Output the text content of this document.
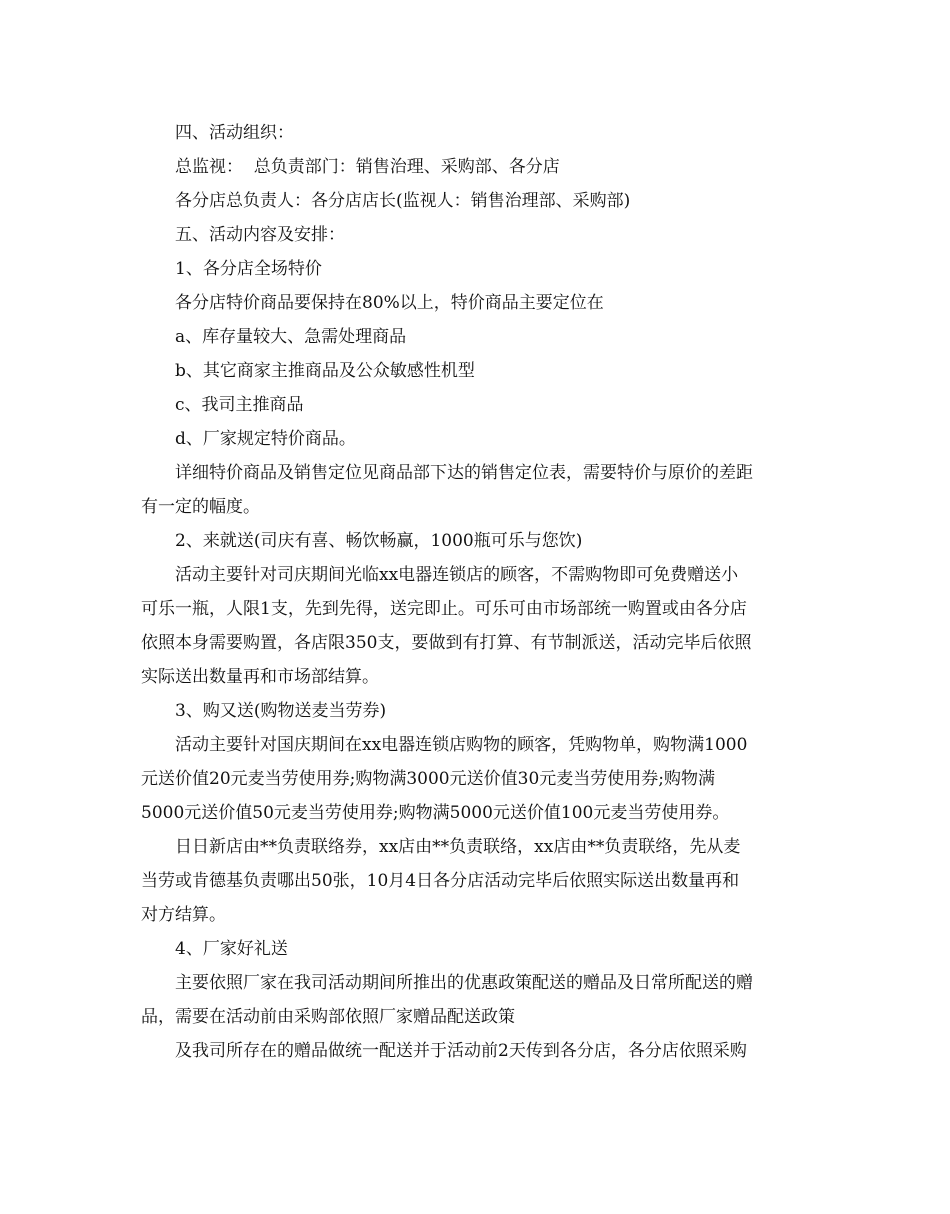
四、活动组织：

总监视：  总负责部门：销售治理、采购部、各分店

各分店总负责人：各分店店长(监视人：销售治理部、采购部)

五、活动内容及安排：

1、各分店全场特价

各分店特价商品要保持在80%以上，特价商品主要定位在

a、库存量较大、急需处理商品

b、其它商家主推商品及公众敏感性机型

c、我司主推商品

d、厂家规定特价商品。

详细特价商品及销售定位见商品部下达的销售定位表，需要特价与原价的差距

有一定的幅度。

2、来就送(司庆有喜、畅饮畅赢，1000瓶可乐与您饮)

活动主要针对司庆期间光临xx电器连锁店的顾客，不需购物即可免费赠送小

可乐一瓶，人限1支，先到先得，送完即止。可乐可由市场部统一购置或由各分店

依照本身需要购置，各店限350支，要做到有打算、有节制派送，活动完毕后依照

实际送出数量再和市场部结算。

3、购又送(购物送麦当劳券)

活动主要针对国庆期间在xx电器连锁店购物的顾客，凭购物单，购物满1000

元送价值20元麦当劳使用券;购物满3000元送价值30元麦当劳使用券;购物满

5000元送价值50元麦当劳使用券;购物满5000元送价值100元麦当劳使用券。

日日新店由**负责联络券，xx店由**负责联络，xx店由**负责联络，先从麦

当劳或肯德基负责哪出50张，10月4日各分店活动完毕后依照实际送出数量再和

对方结算。

4、厂家好礼送

主要依照厂家在我司活动期间所推出的优惠政策配送的赠品及日常所配送的赠

品，需要在活动前由采购部依照厂家赠品配送政策

及我司所存在的赠品做统一配送并于活动前2天传到各分店，各分店依照采购
